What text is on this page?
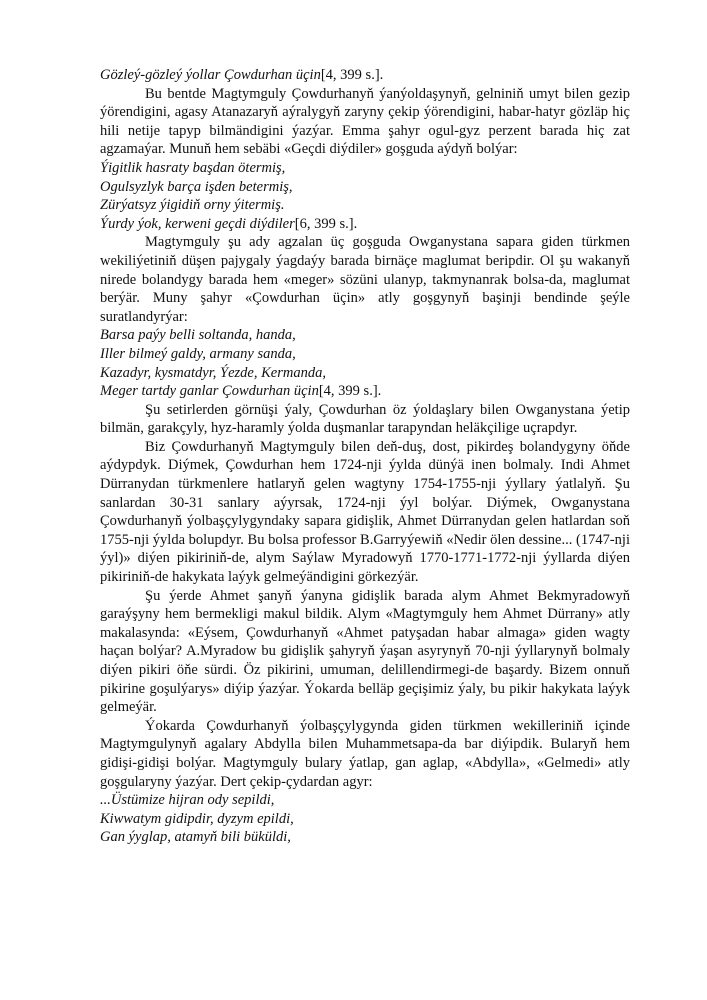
Gözleý-gözleý ýollar Çowdurhan üçin[4, 399 s.].

Bu bentde Magtymguly Çowdurhanyň ýanýoldaşynyň, gelniniň umyt bilen gezip ýörendigini, agasy Atanazaryň aýralygyň zaryny çekip ýörendigini, habar-hatyr gözläp hiç hili netije tapyp bilmändigini ýazýar. Emma şahyr ogul-gyz perzent barada hiç zat agzamaýar. Munuň hem sebäbi «Geçdi diýdiler» goşguda aýdyň bolýar:

Ýigitlik hasraty başdan ötermiş,

Ogulsyzlyk barça işden betermiş,

Zürýatsyz ýigidiň orny ýitermiş.

Ýurdy ýok, kerweni geçdi diýdiler[6, 399 s.].

Magtymguly şu ady agzalan üç goşguda Owganystana sapara giden türkmen wekiliýetiniň düşen pajygaly ýagdaýy barada birnäçe maglumat beripdir. Ol şu wakanyň nirede bolandygy barada hem «meger» sözüni ulanyp, takmynanrak bolsa-da, maglumat berýär. Muny şahyr «Çowdurhan üçin» atly goşgynyň başinji bendinde şeýle suratlandyrýar:

Barsa paýy belli soltanda, handa,

Iller bilmeý galdy, armany sanda,

Kazadyr, kysmatdyr, Ýezde, Kermanda,

Meger tartdy ganlar Çowdurhan üçin[4, 399 s.].

Şu setirlerden görnüşi ýaly, Çowdurhan öz ýoldaşlary bilen Owganystana ýetip bilmän, garakçyly, hyz-haramly ýolda duşmanlar tarapyndan heläkçilige uçrapdyr.

Biz Çowdurhanyň Magtymguly bilen deň-duş, dost, pikirdeş bolandygyny öňde aýdypdyk. Diýmek, Çowdurhan hem 1724-nji ýylda dünýä inen bolmaly. Indi Ahmet Dürranydan türkmenlere hatlaryň gelen wagtyny 1754-1755-nji ýyllary ýatlalyň. Şu sanlardan 30-31 sanlary aýyrsak, 1724-nji ýyl bolýar. Diýmek, Owganystana Çowdurhanyň ýolbaşçylygyndaky sapara gidişlik, Ahmet Dürranydan gelen hatlardan soň 1755-nji ýylda bolupdyr. Bu bolsa professor B.Garryýewiň «Nedir ölen dessine... (1747-nji ýyl)» diýen pikiriniň-de, alym Saýlaw Myradowyň 1770-1771-1772-nji ýyllarda diýen pikiriniň-de hakykata laýyk gelmeýändigini görkezýär.

Şu ýerde Ahmet şanyň ýanyna gidişlik barada alym Ahmet Bekmyradowyň garaýşyny hem bermekligi makul bildik. Alym «Magtymguly hem Ahmet Dürrany» atly makalasynda: «Eýsem, Çowdurhanyň «Ahmet patyşadan habar almaga» giden wagty haçan bolýar? A.Myradow bu gidişlik şahyryň ýaşan asyrynyň 70-nji ýyllarynyň bolmaly diýen pikiri öňe sürdi. Öz pikirini, umuman, delillendirmegi-de başardy. Bizem onnuň pikirine goşulýarys» diýip ýazýar. Ýokarda belläp geçişimiz ýaly, bu pikir hakykata laýyk gelmeýär.

Ýokarda Çowdurhanyň ýolbaşçylygynda giden türkmen wekilleriniň içinde Magtymgulynyň agalary Abdylla bilen Muhammetsapa-da bar diýipdik. Bularyň hem gidişi-gidişi bolýar. Magtymguly bulary ýatlap, gan aglap, «Abdylla», «Gelmedi» atly goşgularyny ýazýar. Dert çekip-çydardan agyr:

...Üstümize hijran ody sepildi,

Kiwwatym gidipdir, dyzym epildi,

Gan ýyglap, atamyň bili büküldi,
